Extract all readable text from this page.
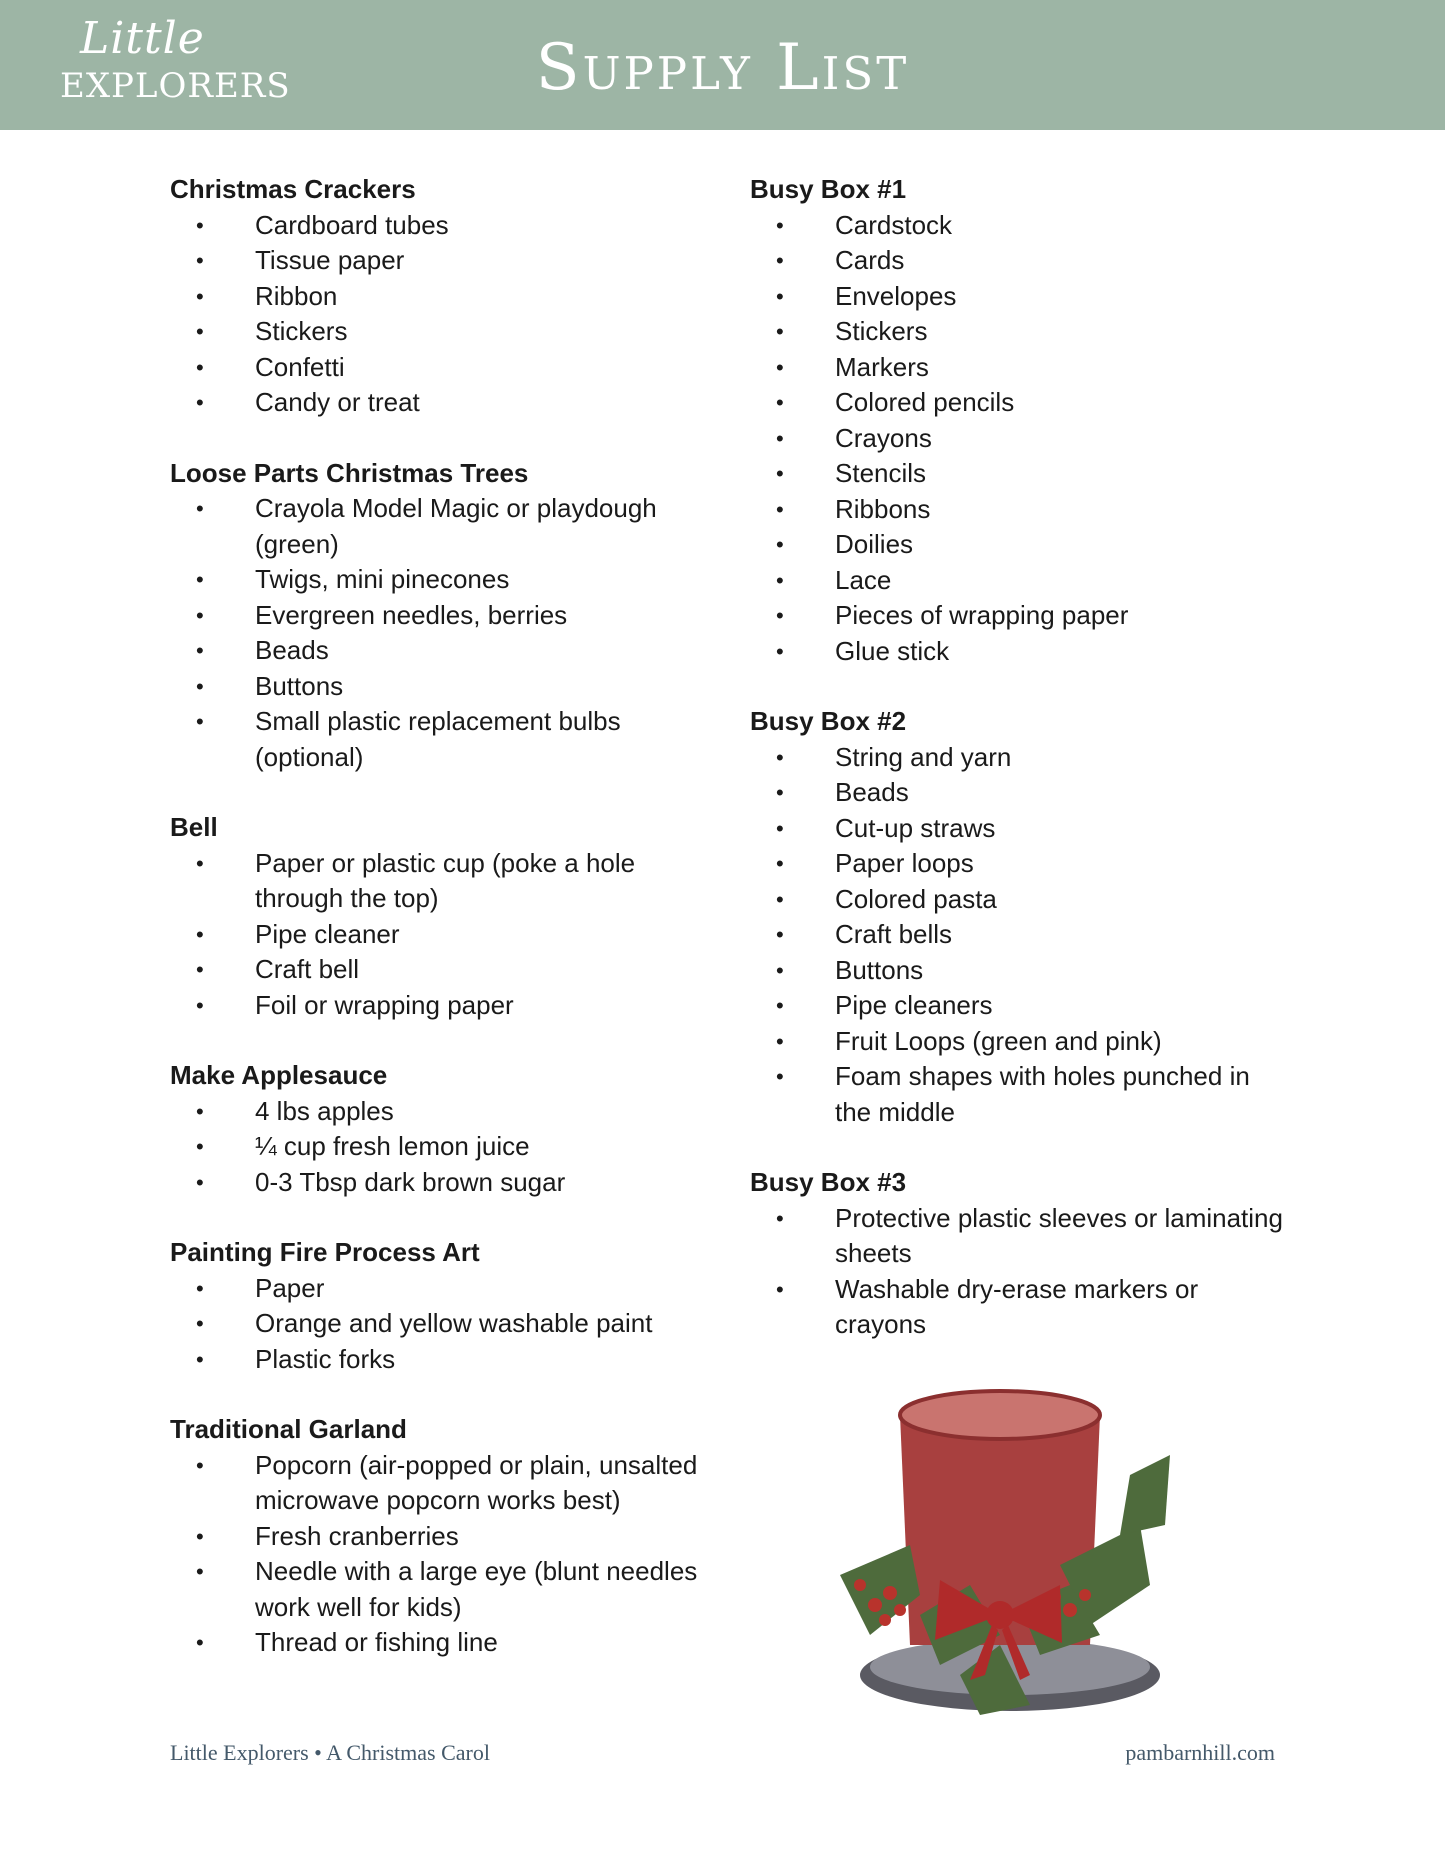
Little
EXPLORERS	Supply List
Christmas Crackers
• Cardboard tubes
• Tissue paper
• Ribbon
• Stickers
• Confetti
• Candy or treat
Loose Parts Christmas Trees
• Crayola Model Magic or playdough (green)
• Twigs, mini pinecones
• Evergreen needles, berries
• Beads
• Buttons
• Small plastic replacement bulbs (optional)
Bell
• Paper or plastic cup (poke a hole through the top)
• Pipe cleaner
• Craft bell
• Foil or wrapping paper
Make Applesauce
• 4 lbs apples
• ¼ cup fresh lemon juice
• 0-3 Tbsp dark brown sugar
Painting Fire Process Art
• Paper
• Orange and yellow washable paint
• Plastic forks
Traditional Garland
• Popcorn (air-popped or plain, unsalted microwave popcorn works best)
• Fresh cranberries
• Needle with a large eye (blunt needles work well for kids)
• Thread or fishing line
Busy Box #1
• Cardstock
• Cards
• Envelopes
• Stickers
• Markers
• Colored pencils
• Crayons
• Stencils
• Ribbons
• Doilies
• Lace
• Pieces of wrapping paper
• Glue stick
Busy Box #2
• String and yarn
• Beads
• Cut-up straws
• Paper loops
• Colored pasta
• Craft bells
• Buttons
• Pipe cleaners
• Fruit Loops (green and pink)
• Foam shapes with holes punched in the middle
Busy Box #3
• Protective plastic sleeves or laminating sheets
• Washable dry-erase markers or crayons
Little Explorers • A Christmas Carol	pambarnhill.com
